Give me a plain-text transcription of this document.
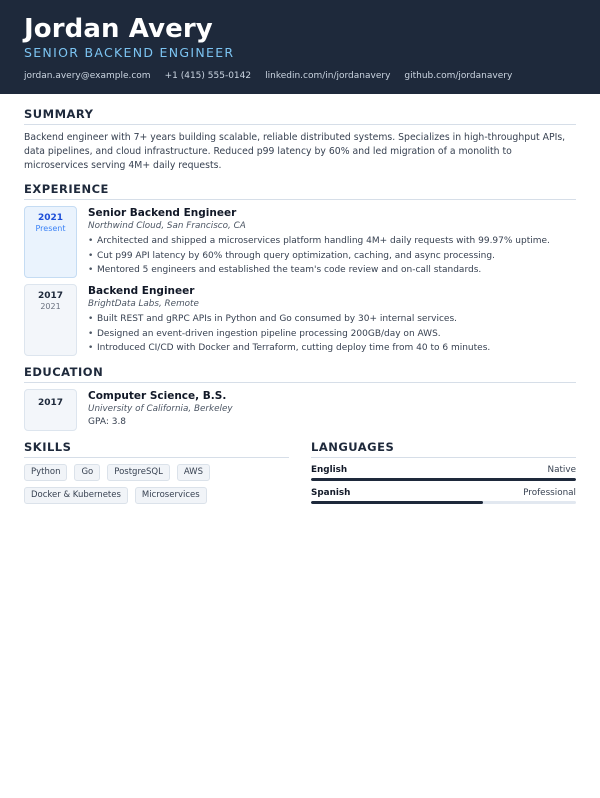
Jordan Avery
SENIOR BACKEND ENGINEER
jordan.avery@example.com +1 (415) 555-0142 linkedin.com/in/jordanavery github.com/jordanavery
SUMMARY

Backend engineer with 7+ years building scalable, reliable distributed systems. Specializes in high-throughput APIs, data pipelines, and cloud infrastructure. Reduced p99 latency by 60% and led migration of a monolith to microservices serving 4M+ daily requests.

EXPERIENCE
2021
Present
Senior Backend Engineer
Northwind Cloud, San Francisco, CA
• Architected and shipped a microservices platform handling 4M+ daily requests with 99.97% uptime.
• Cut p99 API latency by 60% through query optimization, caching, and async processing.
• Mentored 5 engineers and established the team's code review and on-call standards.
2017
2021
Backend Engineer
BrightData Labs, Remote
• Built REST and gRPC APIs in Python and Go consumed by 30+ internal services.
• Designed an event-driven ingestion pipeline processing 200GB/day on AWS.
• Introduced CI/CD with Docker and Terraform, cutting deploy time from 40 to 6 minutes.
EDUCATION
2017
Computer Science, B.S.
University of California, Berkeley
GPA: 3.8
SKILLS
Python	Go	PostgreSQL	AWS
Docker & Kubernetes	Microservices
LANGUAGES
English	Native
Spanish	Professional
